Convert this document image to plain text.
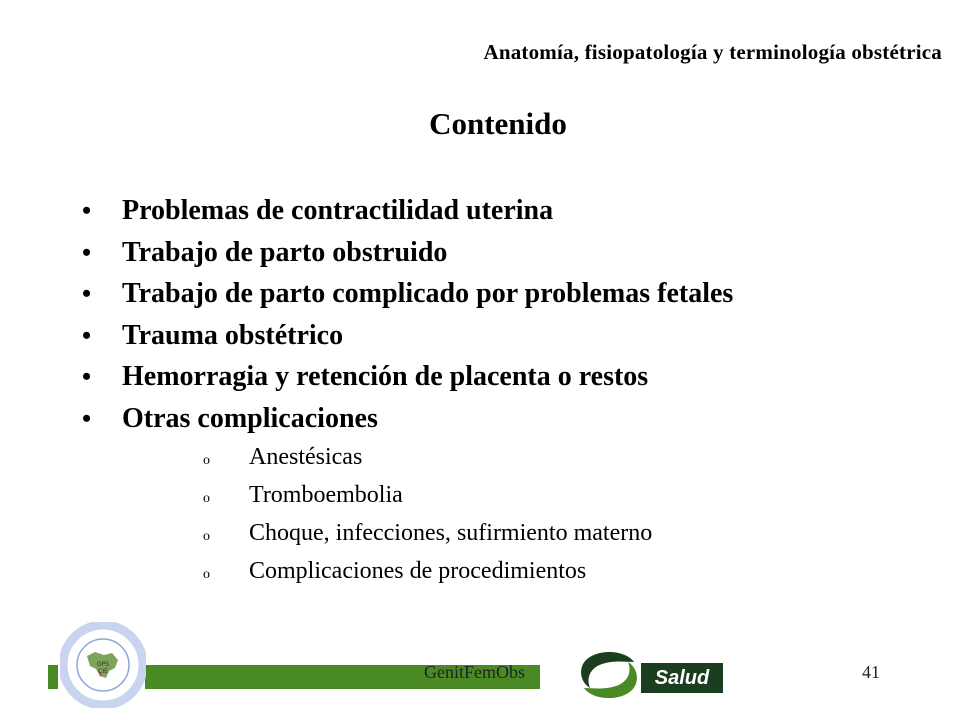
Anatomía, fisiopatología y terminología obstétrica
Contenido
•	Problemas de contractilidad uterina
•	Trabajo de parto obstruido
•	Trabajo de parto complicado por problemas fetales
•	Trauma obstétrico
•	Hemorragia y retención de placenta o restos
•	Otras complicaciones
o	Anestésicas
o	Tromboembolia
o	Choque, infecciones, sufirmiento materno
o	Complicaciones de procedimientos
OPS
CIE	GenitFemObs	Salud	41
